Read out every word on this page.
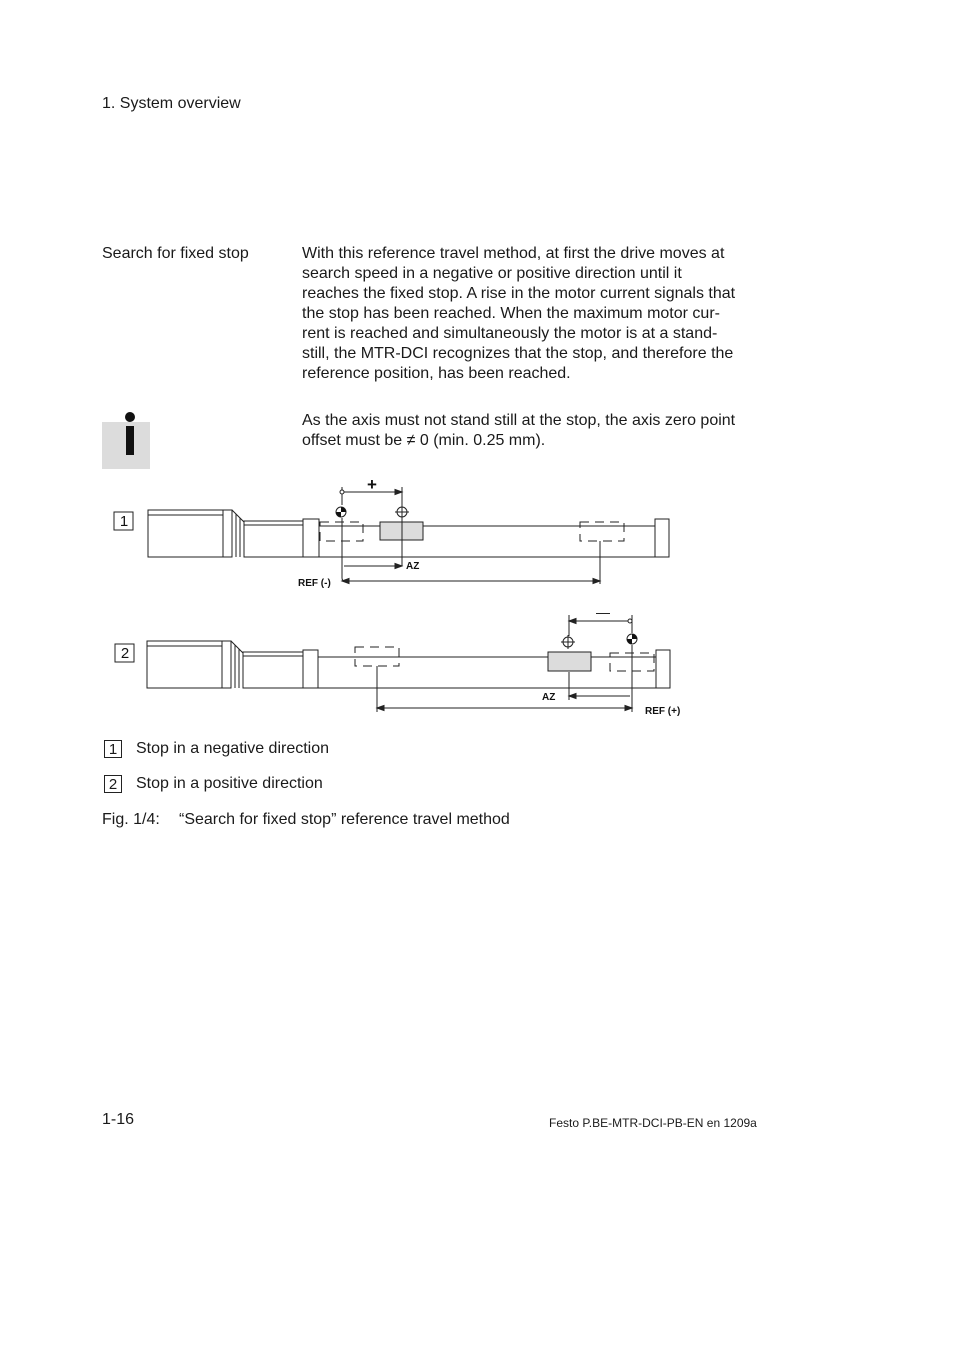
1. System overview
Search for fixed stop	With this reference travel method, at first the drive moves at
search speed in a negative or positive direction until it
reaches the fixed stop. A rise in the motor current signals that
the stop has been reached. When the maximum motor cur-
rent is reached and simultaneously the motor is at a stand-
still, the MTR-DCI recognizes that the stop, and therefore the
reference position, has been reached.
As the axis must not stand still at the stop, the axis zero point
offset must be ≠ 0 (min. 0.25 mm).
1
+
AZ
REF (-)
2
—
AZ
REF (+)
1	Stop in a negative direction
2	Stop in a positive direction
Fig. 1/4: “Search for fixed stop” reference travel method
1-16	Festo P.BE-MTR-DCI-PB-EN en 1209a
